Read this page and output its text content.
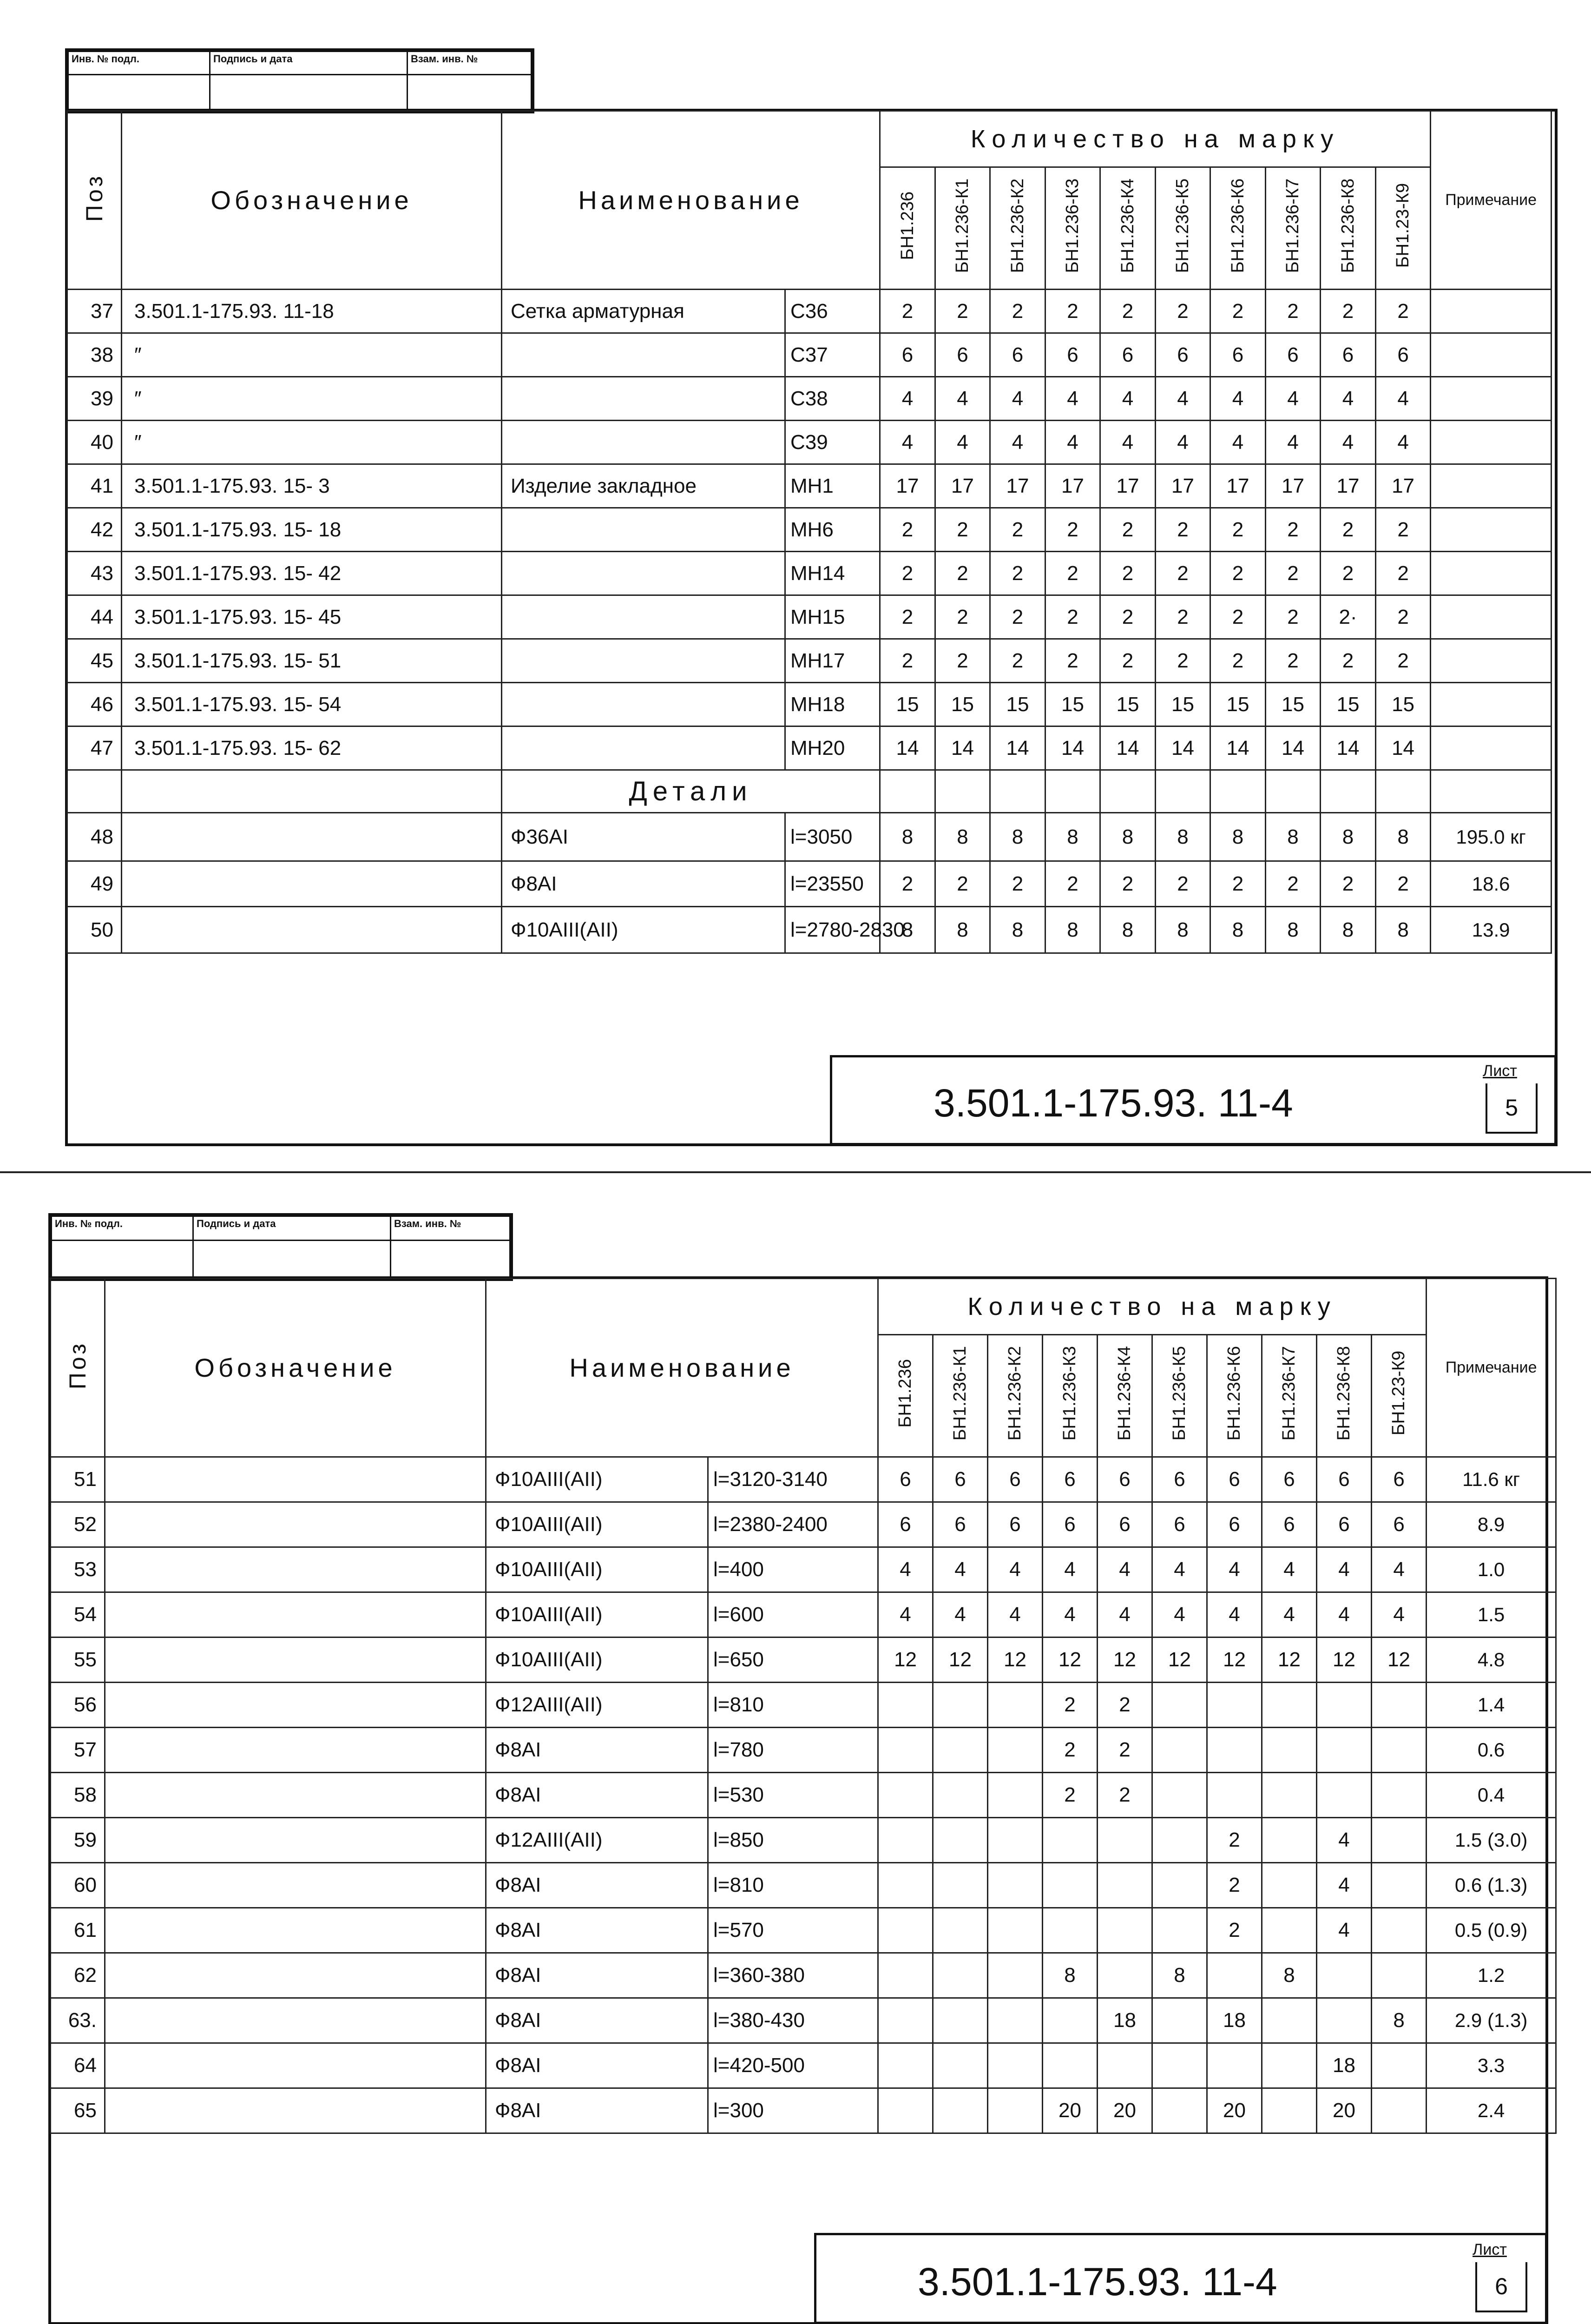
Инв. № подл.	Подпись и дата	Взам. инв. №

Поз	Обозначение	Наименование		Количество на марку										Примечание
				БН1.236	БН1.236-К1	БН1.236-К2	БН1.236-К3	БН1.236-К4	БН1.236-К5	БН1.236-К6	БН1.236-К7	БН1.236-К8	БН1.23-К9	
37	3.501.1-175.93. 11-18	Сетка арматурная	С36	2	2	2	2	2	2	2	2	2	2	
38	″		С37	6	6	6	6	6	6	6	6	6	6	
39	″		С38	4	4	4	4	4	4	4	4	4	4	
40	″		С39	4	4	4	4	4	4	4	4	4	4	
41	3.501.1-175.93. 15- 3	Изделие закладное	МН1	17	17	17	17	17	17	17	17	17	17	
42	3.501.1-175.93. 15- 18		МН6	2	2	2	2	2	2	2	2	2	2	
43	3.501.1-175.93. 15- 42		МН14	2	2	2	2	2	2	2	2	2	2	
44	3.501.1-175.93. 15- 45		МН15	2	2	2	2	2	2	2	2	2·	2	
45	3.501.1-175.93. 15- 51		МН17	2	2	2	2	2	2	2	2	2	2	
46	3.501.1-175.93. 15- 54		МН18	15	15	15	15	15	15	15	15	15	15	
47	3.501.1-175.93. 15- 62		МН20	14	14	14	14	14	14	14	14	14	14	
		Детали												
48		Ф36АI	l=3050	8	8	8	8	8	8	8	8	8	8	195.0 кг
49		Ф8АI	l=23550	2	2	2	2	2	2	2	2	2	2	18.6
50		Ф10АIII(АII)	l=2780-2830	8	8	8	8	8	8	8	8	8	8	13.9

3.501.1-175.93. 11-4
Лист
5
Инв. № подл.	Подпись и дата	Взам. инв. №

Поз	Обозначение	Наименование		Количество на марку										Примечание
				БН1.236	БН1.236-К1	БН1.236-К2	БН1.236-К3	БН1.236-К4	БН1.236-К5	БН1.236-К6	БН1.236-К7	БН1.236-К8	БН1.23-К9	
51		Ф10АIII(АII)	l=3120-3140	6	6	6	6	6	6	6	6	6	6	11.6 кг
52		Ф10АIII(АII)	l=2380-2400	6	6	6	6	6	6	6	6	6	6	8.9
53		Ф10АIII(АII)	l=400	4	4	4	4	4	4	4	4	4	4	1.0
54		Ф10АIII(АII)	l=600	4	4	4	4	4	4	4	4	4	4	1.5
55		Ф10АIII(АII)	l=650	12	12	12	12	12	12	12	12	12	12	4.8
56		Ф12АIII(АII)	l=810				2	2						1.4
57		Ф8АI	l=780				2	2						0.6
58		Ф8АI	l=530				2	2						0.4
59		Ф12АIII(АII)	l=850							2		4		1.5 (3.0)
60		Ф8АI	l=810							2		4		0.6 (1.3)
61		Ф8АI	l=570							2		4		0.5 (0.9)
62		Ф8АI	l=360-380				8		8		8			1.2
63.		Ф8АI	l=380-430					18		18			8	2.9 (1.3)
64		Ф8АI	l=420-500									18		3.3
65		Ф8АI	l=300				20	20		20		20		2.4

3.501.1-175.93. 11-4
Лист
6
